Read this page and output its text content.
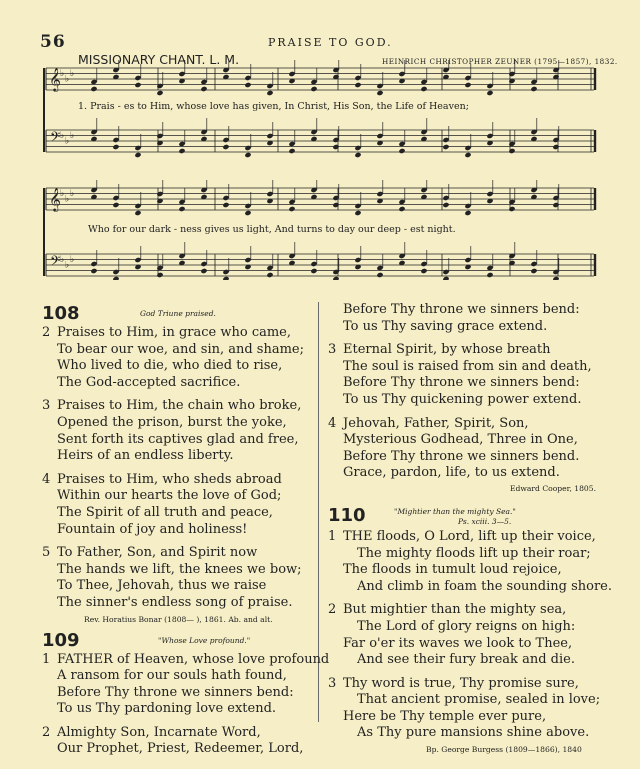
56	PRAISE TO GOD.
MISSIONARY CHANT. L. M.	HEINRICH CHRISTOPHER ZEUNER (1795—1857), 1832.
♭
♭
♭
♭
♭
♭
𝄞
𝄢
1. Prais - es to Him, whose love has given, In Christ, His Son, the Life of Heaven;
♭
♭
♭
♭
♭
♭
𝄞
𝄢
Who for our dark - ness gives us light, And turns to day our deep - est night.
108	God Triune praised.
2 Praises to Him, in grace who came,
To bear our woe, and sin, and shame;
Who lived to die, who died to rise,
The God-accepted sacrifice.
3 Praises to Him, the chain who broke,
Opened the prison, burst the yoke,
Sent forth its captives glad and free,
Heirs of an endless liberty.
4 Praises to Him, who sheds abroad
Within our hearts the love of God;
The Spirit of all truth and peace,
Fountain of joy and holiness!
5 To Father, Son, and Spirit now
The hands we lift, the knees we bow;
To Thee, Jehovah, thus we raise
The sinner's endless song of praise.
Rev. Horatius Bonar (1808— ), 1861. Ab. and alt.
109	"Whose Love profound."
1 FATHER of Heaven, whose love profound
A ransom for our souls hath found,
Before Thy throne we sinners bend:
To us Thy pardoning love extend.
2 Almighty Son, Incarnate Word,
Our Prophet, Priest, Redeemer, Lord,
Before Thy throne we sinners bend:
To us Thy saving grace extend.
3 Eternal Spirit, by whose breath
The soul is raised from sin and death,
Before Thy throne we sinners bend:
To us Thy quickening power extend.
4 Jehovah, Father, Spirit, Son,
Mysterious Godhead, Three in One,
Before Thy throne we sinners bend.
Grace, pardon, life, to us extend.
Edward Cooper, 1805.
110	"Mightier than the mighty Sea."
Ps. xciii. 3—5.
1 THE floods, O Lord, lift up their voice,
The mighty floods lift up their roar;
The floods in tumult loud rejoice,
And climb in foam the sounding shore.
2 But mightier than the mighty sea,
The Lord of glory reigns on high:
Far o'er its waves we look to Thee,
And see their fury break and die.
3 Thy word is true, Thy promise sure,
That ancient promise, sealed in love;
Here be Thy temple ever pure,
As Thy pure mansions shine above.
Bp. George Burgess (1809—1866), 1840
